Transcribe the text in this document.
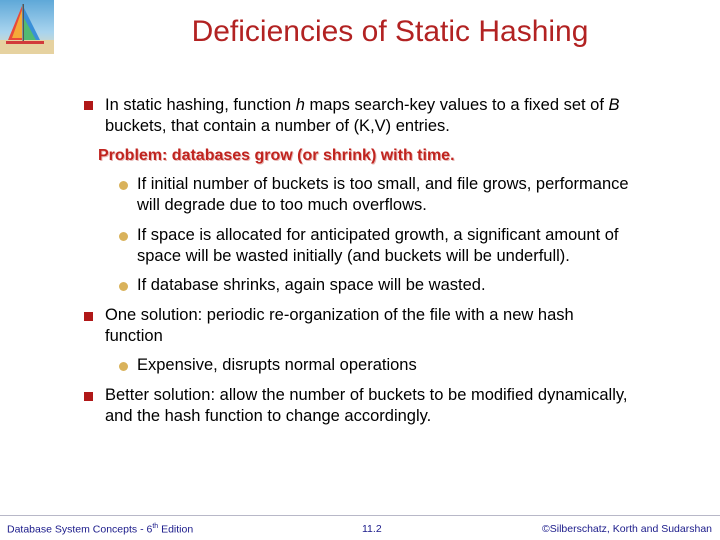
Deficiencies of Static Hashing
In static hashing, function h maps search-key values to a fixed set of B
buckets, that contain a number of (K,V) entries.
Problem: databases grow (or shrink) with time.
If initial number of buckets is too small, and file grows, performance
will degrade due to too much overflows.
If space is allocated for anticipated growth, a significant amount of
space will be wasted initially (and buckets will be underfull).
If database shrinks, again space will be wasted.
One solution: periodic re-organization of the file with a new hash
function
Expensive, disrupts normal operations
Better solution: allow the number of buckets to be modified dynamically,
and the hash function to change accordingly.
Database System Concepts - 6th Edition	11.2	©Silberschatz, Korth and Sudarshan
